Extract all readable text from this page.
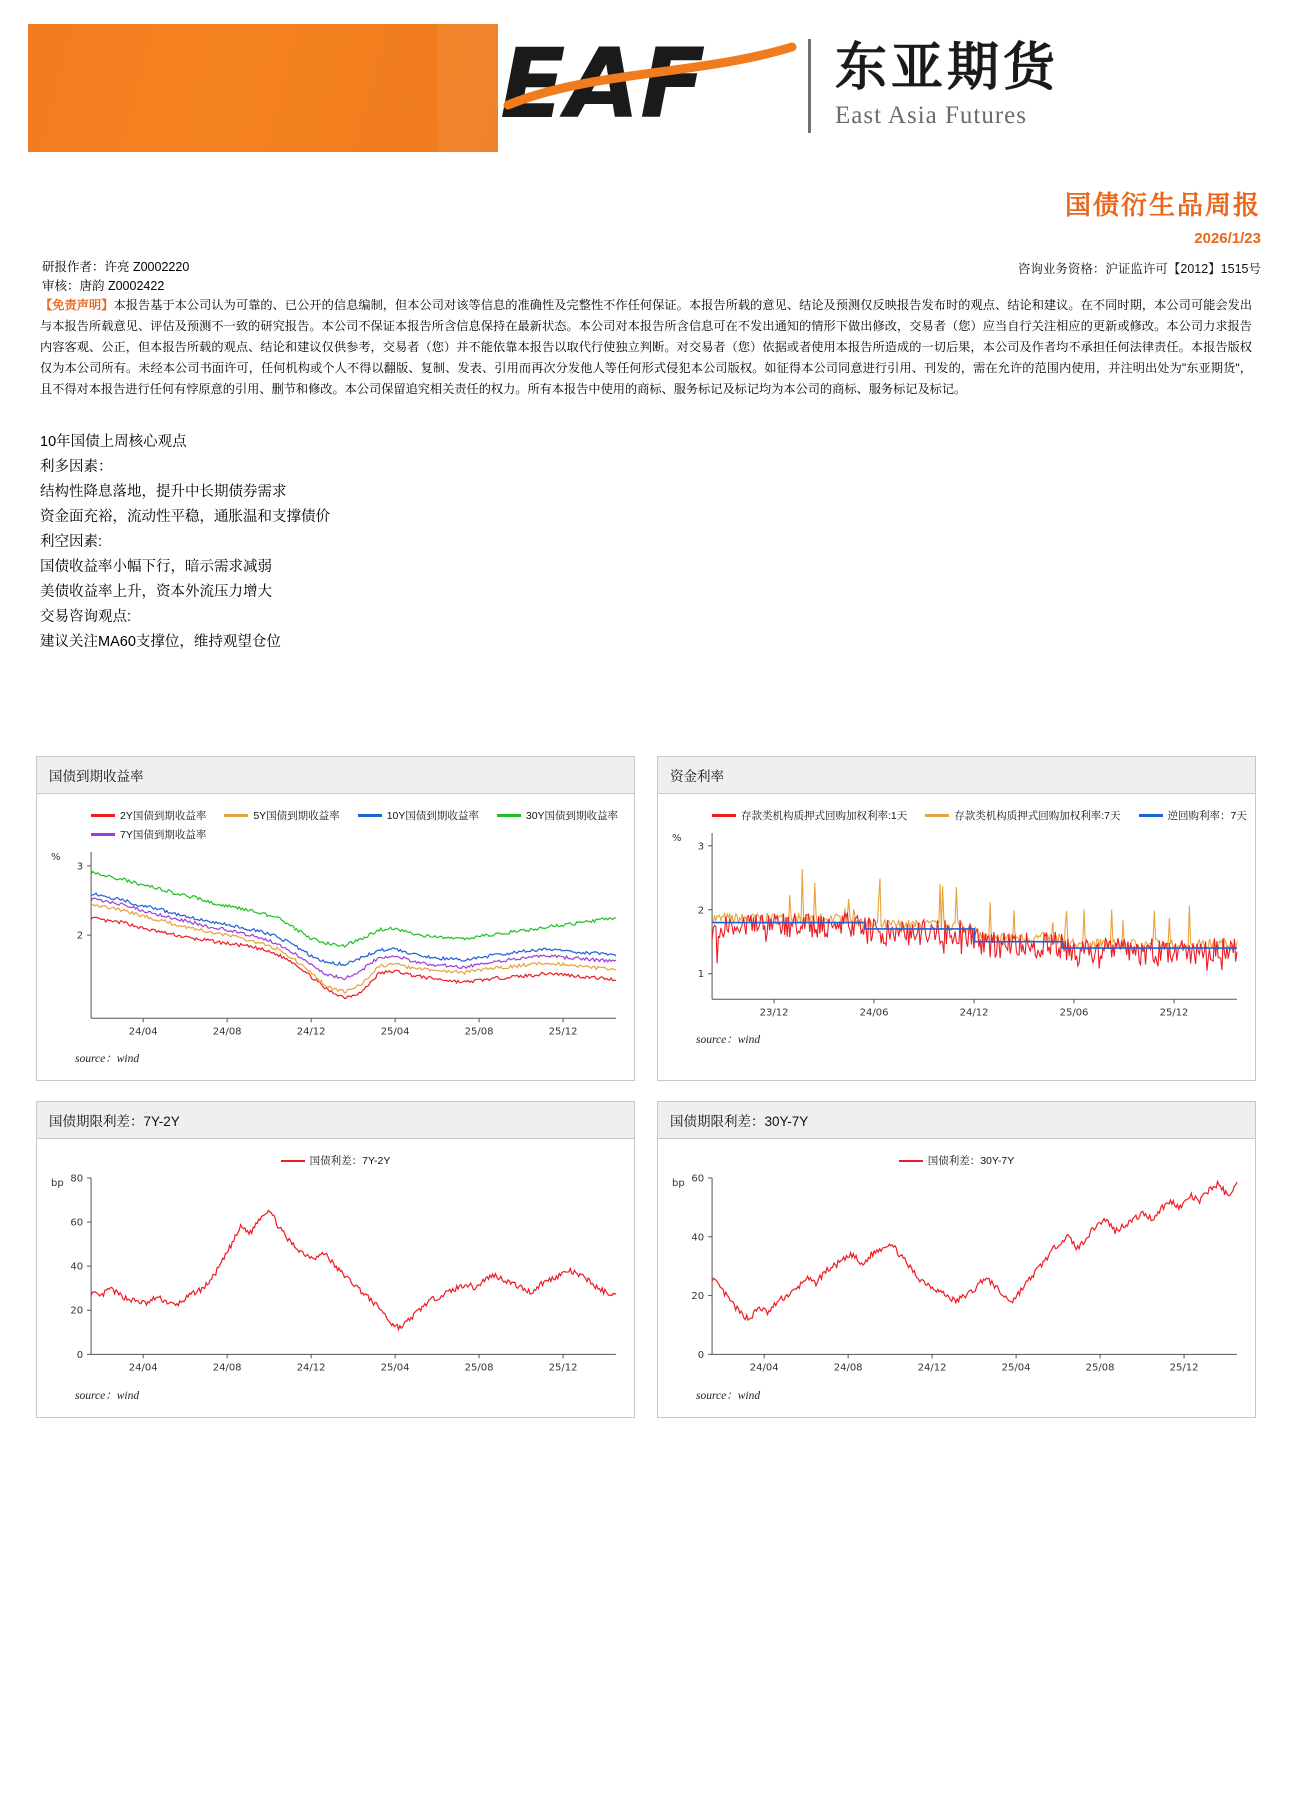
EAF 东亚期货
East Asia Futures
国债衍生品周报
2026/1/23
咨询业务资格：沪证监许可【2012】1515号
研报作者：许亮 Z0002220
审核：唐韵 Z0002422
【免责声明】本报告基于本公司认为可靠的、已公开的信息编制，但本公司对该等信息的准确性及完整性不作任何保证。本报告所载的意见、结论及预测仅反映报告发布时的观点、结论和建议。在不同时期，本公司可能会发出与本报告所载意见、评估及预测不一致的研究报告。本公司不保证本报告所含信息保持在最新状态。本公司对本报告所含信息可在不发出通知的情形下做出修改，交易者（您）应当自行关注相应的更新或修改。本公司力求报告内容客观、公正，但本报告所载的观点、结论和建议仅供参考，交易者（您）并不能依靠本报告以取代行使独立判断。对交易者（您）依据或者使用本报告所造成的一切后果，本公司及作者均不承担任何法律责任。本报告版权仅为本公司所有。未经本公司书面许可，任何机构或个人不得以翻版、复制、发表、引用而再次分发他人等任何形式侵犯本公司版权。如征得本公司同意进行引用、刊发的，需在允许的范围内使用，并注明出处为"东亚期货"，且不得对本报告进行任何有悖原意的引用、删节和修改。本公司保留追究相关责任的权力。所有本报告中使用的商标、服务标记及标记均为本公司的商标、服务标记及标记。
10年国债上周核心观点
利多因素：
结构性降息落地，提升中长期债券需求
资金面充裕，流动性平稳，通胀温和支撑债价
利空因素:
国债收益率小幅下行，暗示需求减弱
美债收益率上升，资本外流压力增大
交易咨询观点:
建议关注MA60支撑位，维持观望仓位
国债到期收益率
2Y国债到期收益率	5Y国债到期收益率	10Y国债到期收益率	30Y国债到期收益率
7Y国债到期收益率
%
2
3
24/04	24/08	24/12	25/04	25/08	25/12
source：wind
资金利率
存款类机构质押式回购加权利率:1天	存款类机构质押式回购加权利率:7天	逆回购利率：7天
%
1
2
3
23/12	24/06	24/12	25/06	25/12
source：wind
国债期限利差：7Y-2Y
国债利差：7Y-2Y
bp
0
20
40
60
80
24/04	24/08	24/12	25/04	25/08	25/12
source：wind
国债期限利差：30Y-7Y
国债利差：30Y-7Y
bp
0
20
40
60
24/04	24/08	24/12	25/04	25/08	25/12
source：wind
